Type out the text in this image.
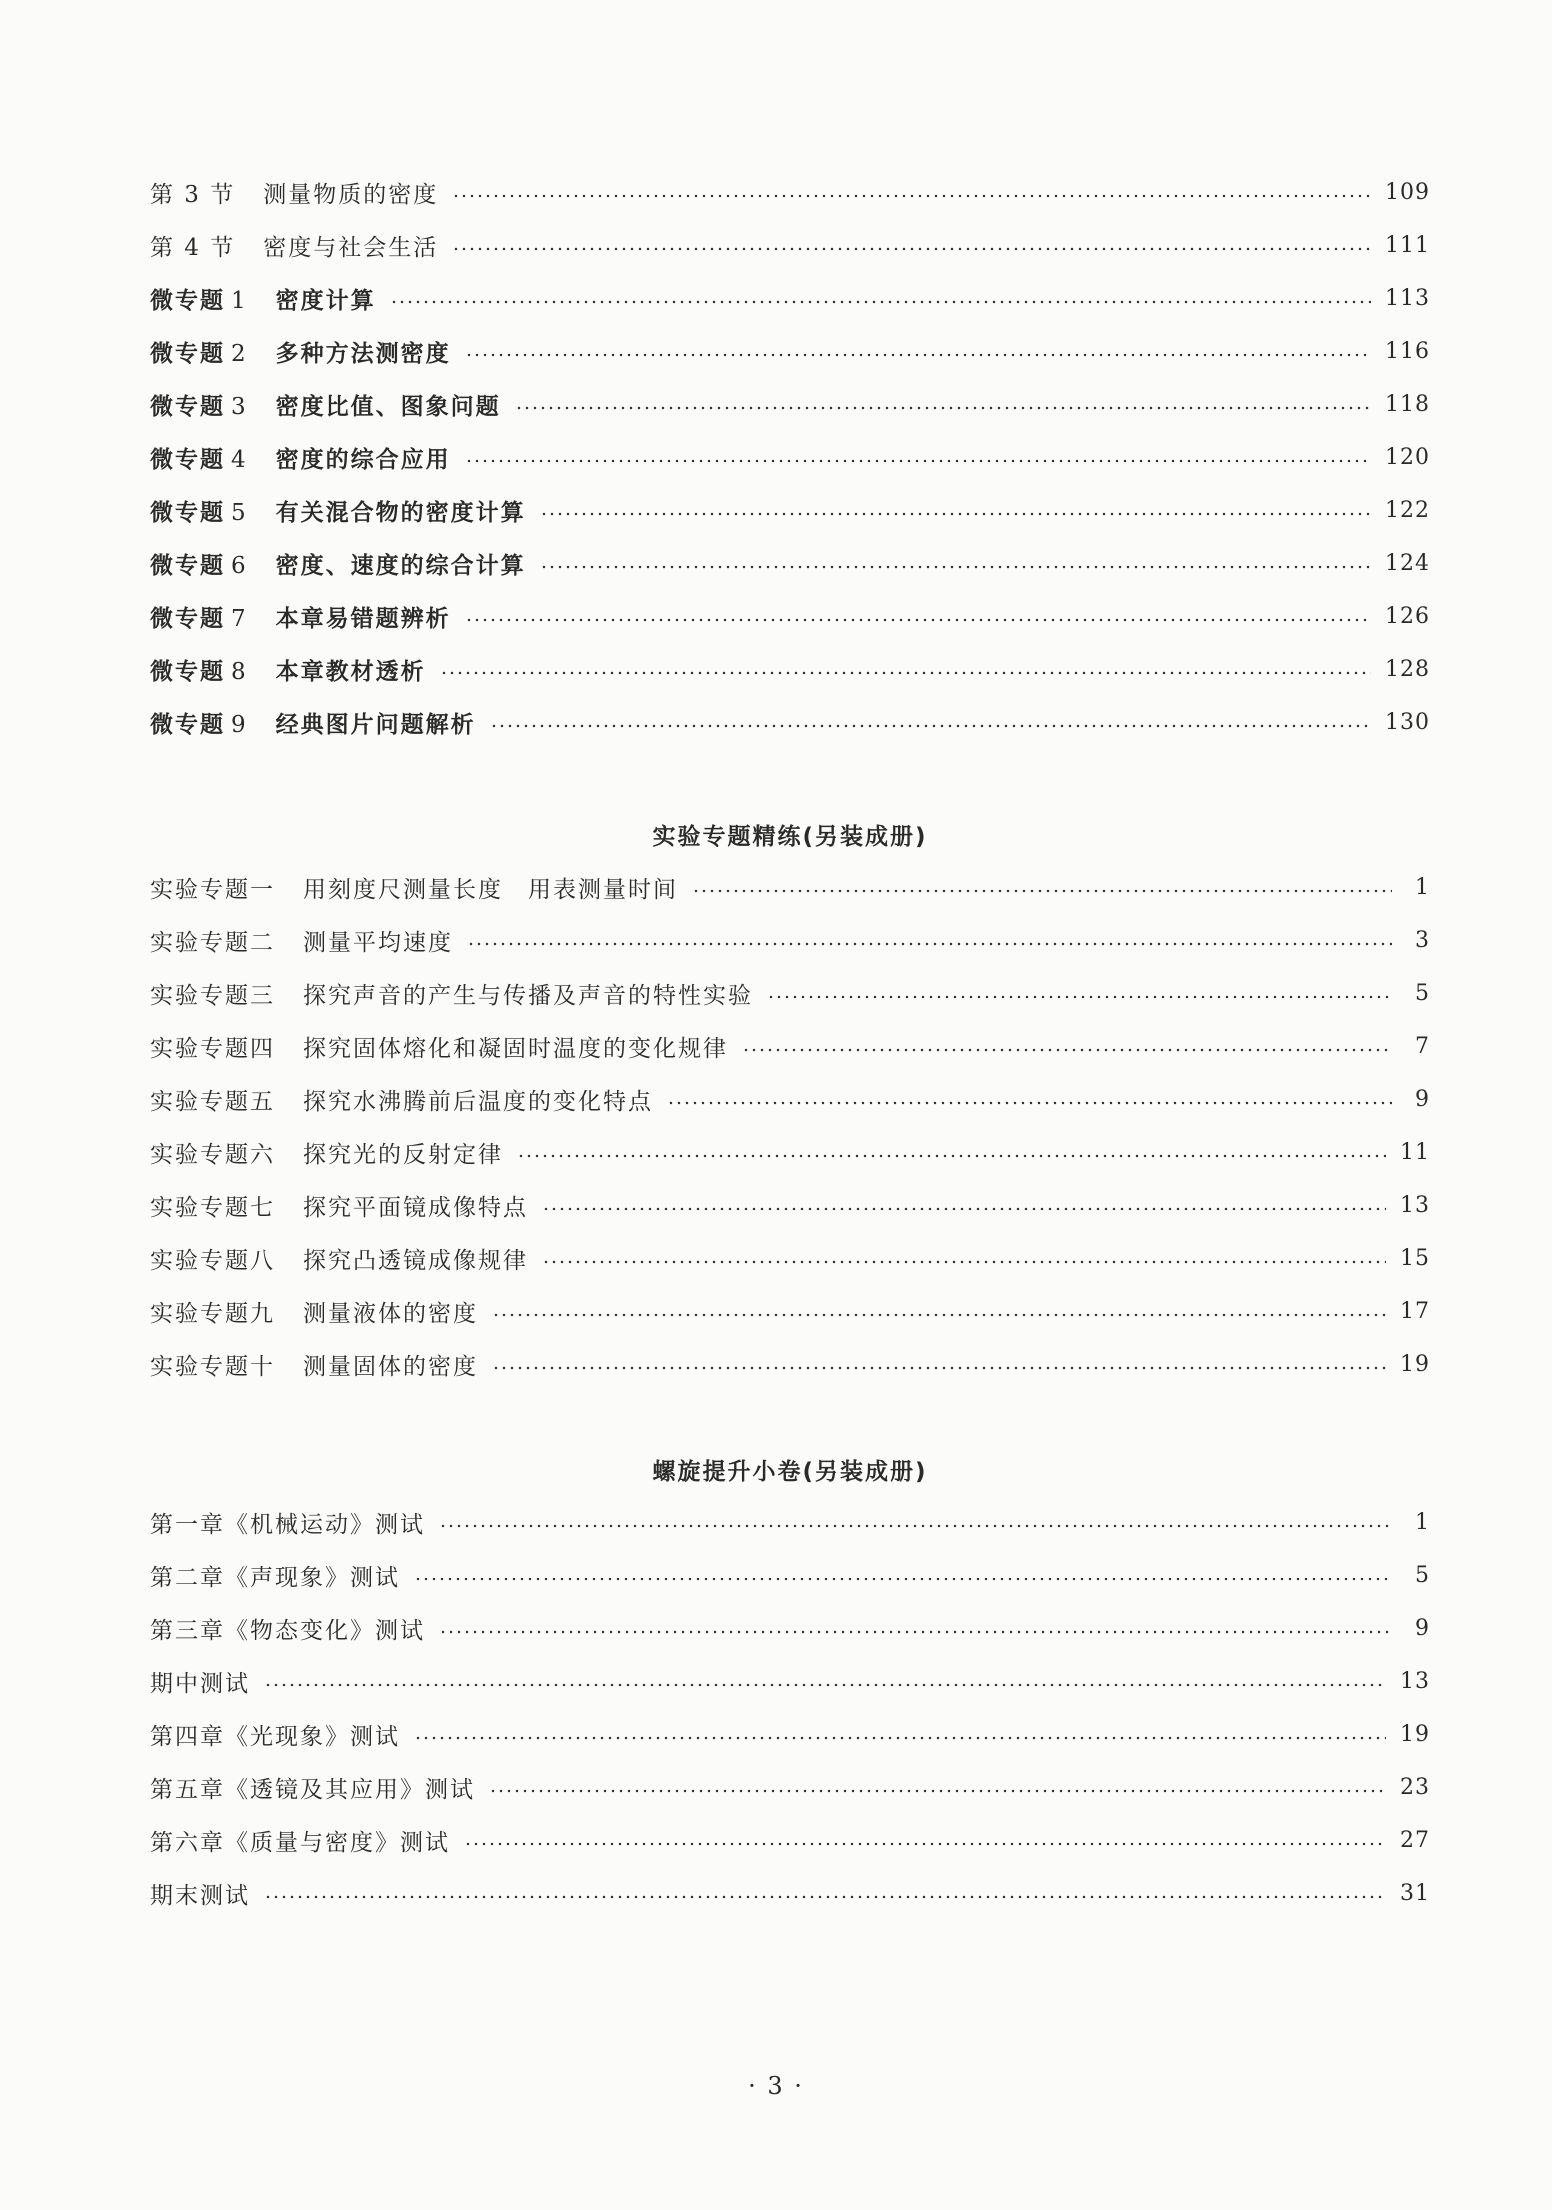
第 3 节 测量物质的密度	109
第 4 节 密度与社会生活	111
微专题 1 密度计算	113
微专题 2 多种方法测密度	116
微专题 3 密度比值、图象问题	118
微专题 4 密度的综合应用	120
微专题 5 有关混合物的密度计算	122
微专题 6 密度、速度的综合计算	124
微专题 7 本章易错题辨析	126
微专题 8 本章教材透析	128
微专题 9 经典图片问题解析	130
实验专题精练(另装成册)
实验专题一 用刻度尺测量长度　用表测量时间	1
实验专题二 测量平均速度	3
实验专题三 探究声音的产生与传播及声音的特性实验	5
实验专题四 探究固体熔化和凝固时温度的变化规律	7
实验专题五 探究水沸腾前后温度的变化特点	9
实验专题六 探究光的反射定律	11
实验专题七 探究平面镜成像特点	13
实验专题八 探究凸透镜成像规律	15
实验专题九 测量液体的密度	17
实验专题十 测量固体的密度	19
螺旋提升小卷(另装成册)
第一章《机械运动》测试	1
第二章《声现象》测试	5
第三章《物态变化》测试	9
期中测试	13
第四章《光现象》测试	19
第五章《透镜及其应用》测试	23
第六章《质量与密度》测试	27
期末测试	31
· 3 ·
